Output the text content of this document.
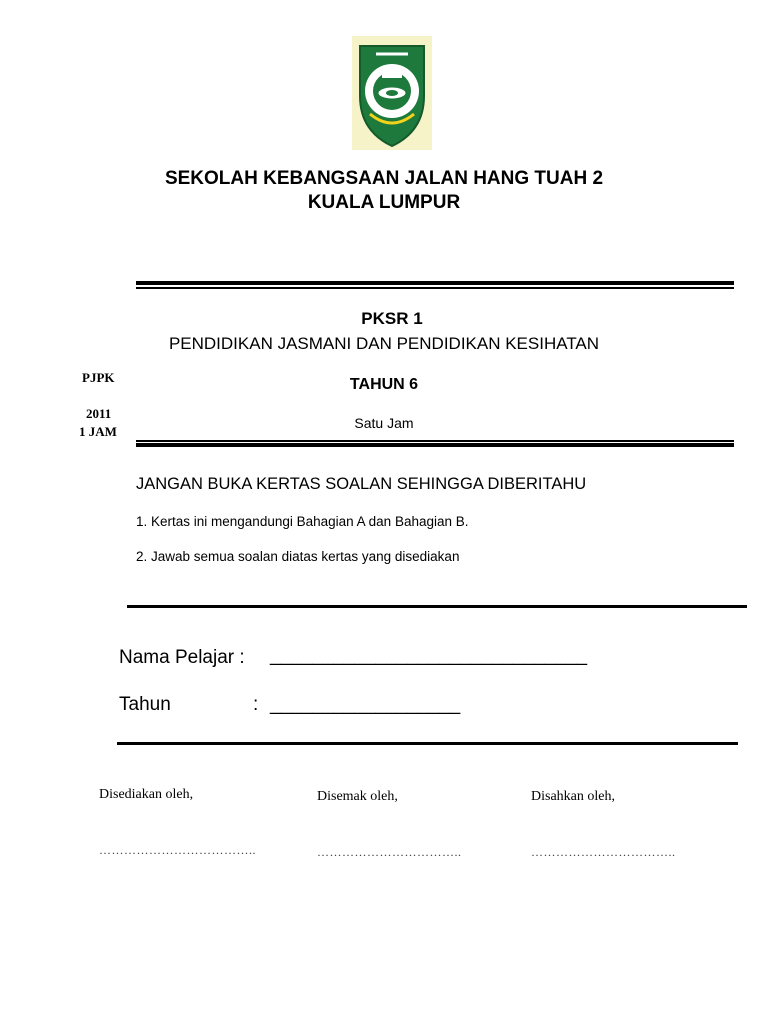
SEKOLAH KEBANGSAAN JALAN HANG TUAH 2
KUALA LUMPUR
PKSR 1
PENDIDIKAN JASMANI DAN PENDIDIKAN KESIHATAN
TAHUN 6
Satu Jam
PJPK
2011
1 JAM
JANGAN BUKA KERTAS SOALAN SEHINGGA DIBERITAHU
1. Kertas ini mengandungi Bahagian A dan Bahagian B.
2. Jawab semua soalan diatas kertas yang disediakan
Nama Pelajar : ______________________________
Tahun	: __________________
Disediakan oleh,	Disemak oleh,	Disahkan oleh,
………………………………..	……………………………..	……………………………..
